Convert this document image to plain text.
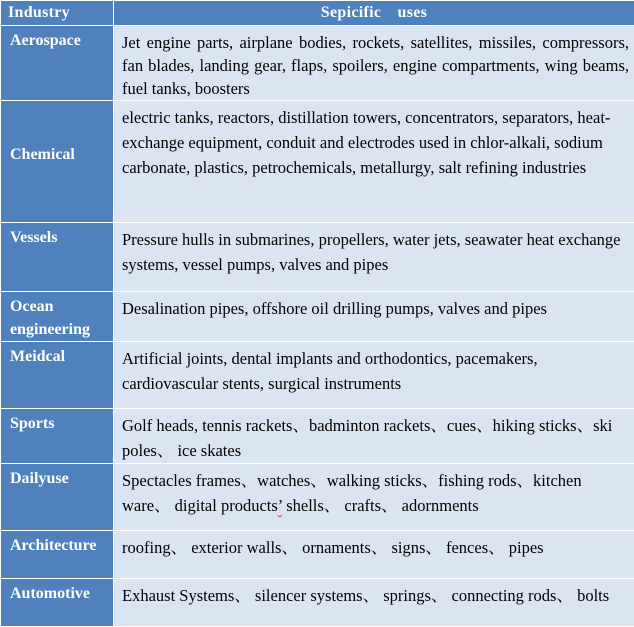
Industry	Sepicific uses
Aerospace	Jet engine parts, airplane bodies, rockets, satellites, missiles, compressors, fan blades, landing gear, flaps, spoilers, engine compartments, wing beams, fuel tanks, boosters
Chemical	electric tanks, reactors, distillation towers, concentrators, separators, heat-exchange equipment, conduit and electrodes used in chlor-alkali, sodium carbonate, plastics, petrochemicals, metallurgy, salt refining industries
Vessels	Pressure hulls in submarines, propellers, water jets, seawater heat exchange systems, vessel pumps, valves and pipes
Ocean engineering	Desalination pipes, offshore oil drilling pumps, valves and pipes
Meidcal	Artificial joints, dental implants and orthodontics, pacemakers, cardiovascular stents, surgical instruments
Sports	Golf heads, tennis rackets、badminton rackets、cues、hiking sticks、ski poles、 ice skates
Dailyuse	Spectacles frames、watches、walking sticks、fishing rods、kitchen ware、 digital products’ shells、 crafts、 adornments
Architecture	roofing、 exterior walls、 ornaments、 signs、 fences、 pipes
Automotive	Exhaust Systems、 silencer systems、 springs、 connecting rods、 bolts
